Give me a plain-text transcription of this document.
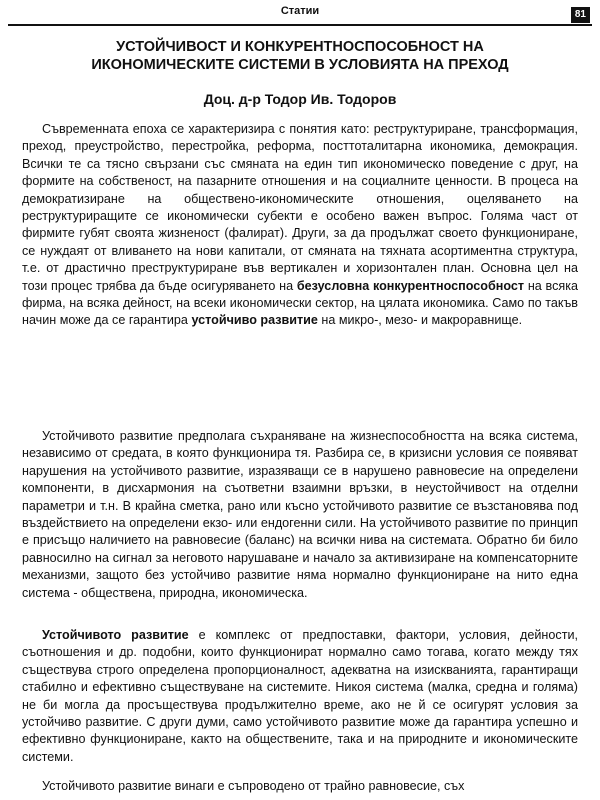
Статии	81
УСТОЙЧИВОСТ И КОНКУРЕНТНОСПОСОБНОСТ НА
ИКОНОМИЧЕСКИТЕ СИСТЕМИ В УСЛОВИЯТА НА ПРЕХОД
Доц. д-р Тодор Ив. Тодоров

Съвременната епоха се характеризира с понятия като: реструктуриране, трансформация, преход, преустройство, перестройка, реформа, посттоталитарна икономика, демокрация. Всички те са тясно свързани със смяната на един тип икономическо поведение с друг, на формите на собственост, на пазарните отношения и на социалните ценности. В процеса на демократизиране на обществено-икономическите отношения, оцеляването на реструктуриращите се икономически субекти е особено важен въпрос. Голяма част от фирмите губят своята жизненост (фалират). Други, за да продължат своето функциониране, се нуждаят от вливането на нови капитали, от смяната на тяхната асортиментна структура, т.е. от драстично преструктуриране във вертикален и хоризонтален план. Основна цел на този процес трябва да бъде осигуряването на безусловна конкурентноспособност на всяка фирма, на всяка дейност, на всеки икономически сектор, на цялата икономика. Само по такъв начин може да се гарантира устойчиво развитие на микро-, мезо- и макроравнище.

Устойчивото развитие предполага съхраняване на жизнеспособността на всяка система, независимо от средата, в която функционира тя. Разбира се, в кризисни условия се появяват нарушения на устойчивото развитие, изразяващи се в нарушено равновесие на определени компоненти, в дисхармония на съответни взаимни връзки, в неустойчивост на отделни параметри и т.н. В крайна сметка, рано или късно устойчивото развитие се възстановява под въздействието на определени екзо- или ендогенни сили. На устойчивото развитие по принцип е присъщо наличието на равновесие (баланс) на всички нива на системата. Обратно би било равносилно на сигнал за неговото нарушаване и начало за активизиране на компенсаторните механизми, защото без устойчиво развитие няма нормално функциониране на нито една система - обществена, природна, икономическа.

Устойчивото развитие е комплекс от предпоставки, фактори, условия, дейности, съотношения и др. подобни, които функционират нормално само тогава, когато между тях съществува строго определена пропорционалност, адекватна на изискванията, гарантиращи стабилно и ефективно съществуване на системите. Никоя система (малка, средна и голяма) не би могла да просъществува продължително време, ако не й се осигурят условия за устойчиво развитие. С други думи, само устойчивото развитие може да гарантира успешно и ефективно функциониране, както на обществените, така и на природните и икономическите системи.

Устойчивото развитие винаги е съпроводено от трайно равновесие, съх
